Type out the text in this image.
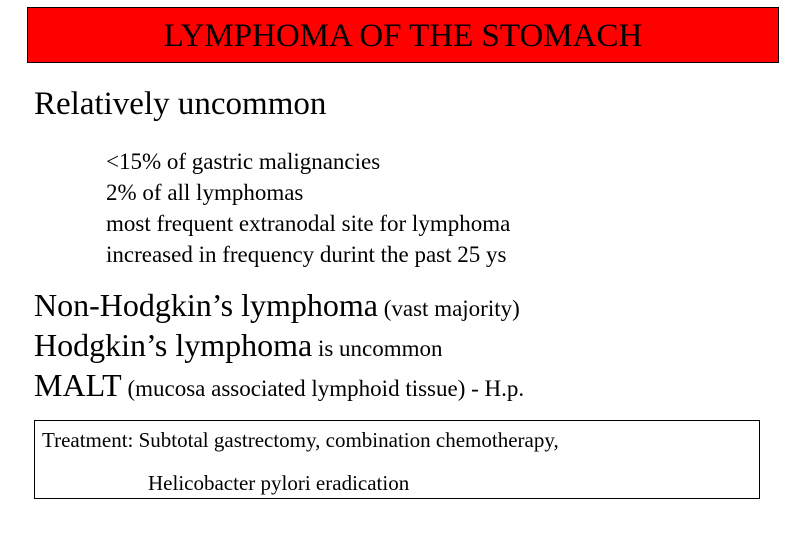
LYMPHOMA OF THE STOMACH
Relatively uncommon
<15% of gastric malignancies
2% of all lymphomas
most frequent extranodal site for lymphoma
increased in frequency durint the past 25 ys
Non-Hodgkin’s lymphoma (vast majority)
Hodgkin’s lymphoma is uncommon
MALT (mucosa associated lymphoid tissue) - H.p.
Treatment: Subtotal gastrectomy, combination chemotherapy,
Helicobacter pylori eradication
